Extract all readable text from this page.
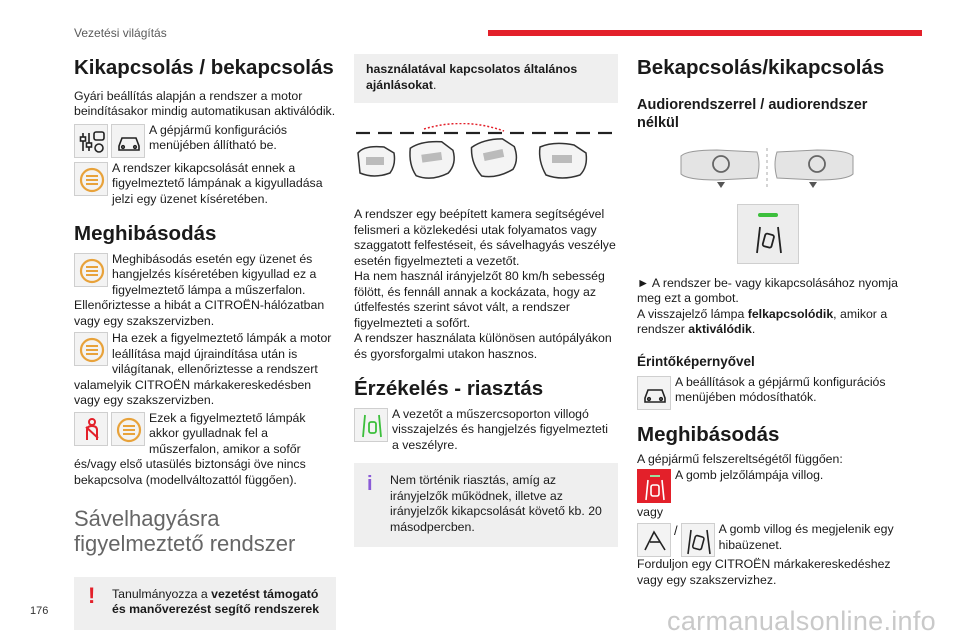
Vezetési világítás
Kikapcsolás / bekapcsolás

Gyári beállítás alapján a rendszer a motor beindításakor mindig automatikusan aktiválódik.

A gépjármű konfigurációs menüjében állítható be.

A rendszer kikapcsolását ennek a figyelmeztető lámpának a kigyulladása jelzi egy üzenet kíséretében.

Meghibásodás

Meghibásodás esetén egy üzenet és hangjelzés kíséretében kigyullad ez a figyelmeztető lámpa a műszerfalon.

Ellenőriztesse a hibát a CITROËN-hálózatban vagy egy szakszervizben.

Ha ezek a figyelmeztető lámpák a motor leállítása majd újraindítása után is világítanak, ellenőriztesse a rendszert valamelyik CITROËN márkakereskedésben vagy egy szakszervizben.

Ezek a figyelmeztető lámpák akkor gyulladnak fel a műszerfalon, amikor a sofőr és/vagy első utasülés biztonsági öve nincs bekapcsolva (modellváltozattól függően).

Sávelhagyásra figyelmeztető rendszer
! Tanulmányozza a vezetést támogató és manőverezést segítő rendszerek

használatával kapcsolatos általános ajánlásokat.

A rendszer egy beépített kamera segítségével felismeri a közlekedési utak folyamatos vagy szaggatott felfestéseit, és sávelhagyás veszélye esetén figyelmezteti a vezetőt.

Ha nem használ irányjelzőt 80 km/h sebesség fölött, és fennáll annak a kockázata, hogy az útfelfestés szerint sávot vált, a rendszer figyelmezteti a sofőrt.

A rendszer használata különösen autópályákon és gyorsforgalmi utakon hasznos.

Érzékelés - riasztás

A vezetőt a műszercsoporton villogó visszajelzés és hangjelzés figyelmezteti a veszélyre.

i Nem történik riasztás, amíg az irányjelzők működnek, illetve az irányjelzők kikapcsolását követő kb. 20 másodpercben.

Bekapcsolás/kikapcsolás
Audiorendszerrel / audiorendszer nélkül

► A rendszer be- vagy kikapcsolásához nyomja meg ezt a gombot.

A visszajelző lámpa felkapcsolódik, amikor a rendszer aktiválódik.

Érintőképernyővel

A beállítások a gépjármű konfigurációs menüjében módosíthatók.

Meghibásodás

A gépjármű felszereltségétől függően:

A gomb jelzőlámpája villog.

vagy

/	A gomb villog és megjelenik egy hibaüzenet.

Forduljon egy CITROËN márkakereskedéshez vagy egy szakszervizhez.

176	carmanualsonline.info
